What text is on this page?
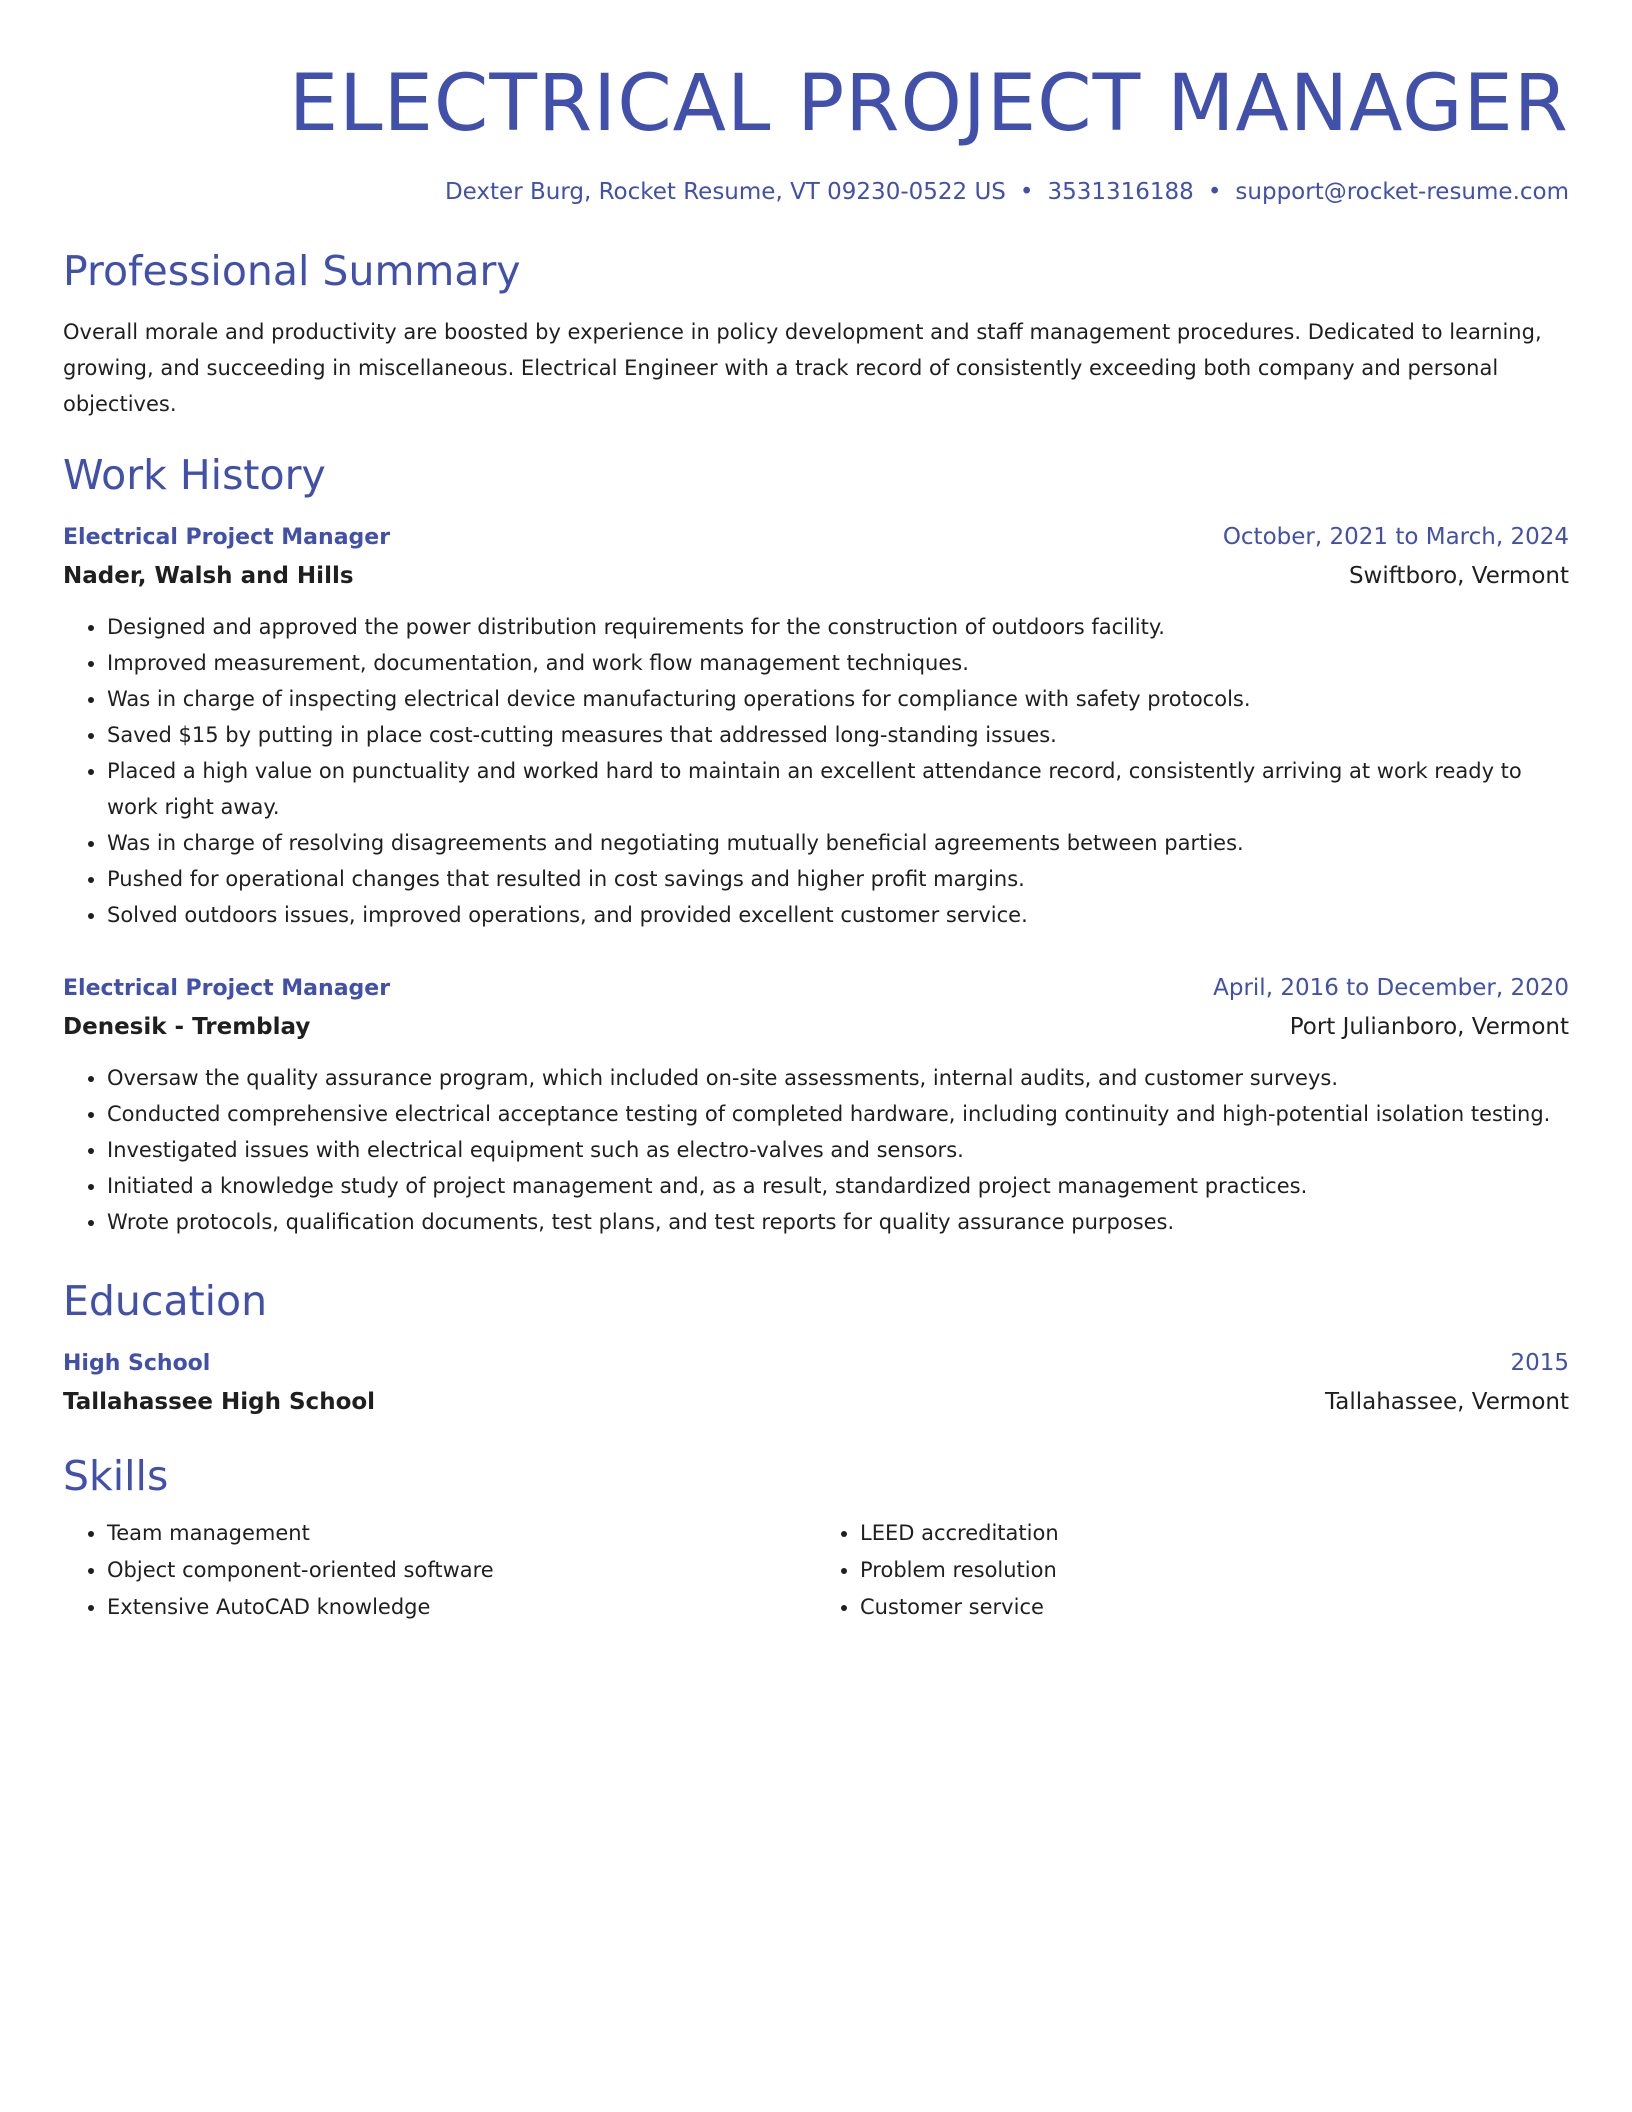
ELECTRICAL PROJECT MANAGER
Dexter Burg, Rocket Resume, VT 09230-0522 US • 3531316188 • support@rocket-resume.com
Professional Summary

Overall morale and productivity are boosted by experience in policy development and staff management procedures. Dedicated to learning, growing, and succeeding in miscellaneous. Electrical Engineer with a track record of consistently exceeding both company and personal objectives.

Work History
Electrical Project Manager	October, 2021 to March, 2024
Nader, Walsh and Hills	Swiftboro, Vermont
• Designed and approved the power distribution requirements for the construction of outdoors facility.
• Improved measurement, documentation, and work flow management techniques.
• Was in charge of inspecting electrical device manufacturing operations for compliance with safety protocols.
• Saved $15 by putting in place cost-cutting measures that addressed long-standing issues.
• Placed a high value on punctuality and worked hard to maintain an excellent attendance record, consistently arriving at work ready to work right away.
• Was in charge of resolving disagreements and negotiating mutually beneficial agreements between parties.
• Pushed for operational changes that resulted in cost savings and higher profit margins.
• Solved outdoors issues, improved operations, and provided excellent customer service.
Electrical Project Manager	April, 2016 to December, 2020
Denesik - Tremblay	Port Julianboro, Vermont
• Oversaw the quality assurance program, which included on-site assessments, internal audits, and customer surveys.
• Conducted comprehensive electrical acceptance testing of completed hardware, including continuity and high-potential isolation testing.
• Investigated issues with electrical equipment such as electro-valves and sensors.
• Initiated a knowledge study of project management and, as a result, standardized project management practices.
• Wrote protocols, qualification documents, test plans, and test reports for quality assurance purposes.
Education
High School	2015
Tallahassee High School	Tallahassee, Vermont
Skills
• Team management
• Object component-oriented software
• Extensive AutoCAD knowledge
• LEED accreditation
• Problem resolution
• Customer service
